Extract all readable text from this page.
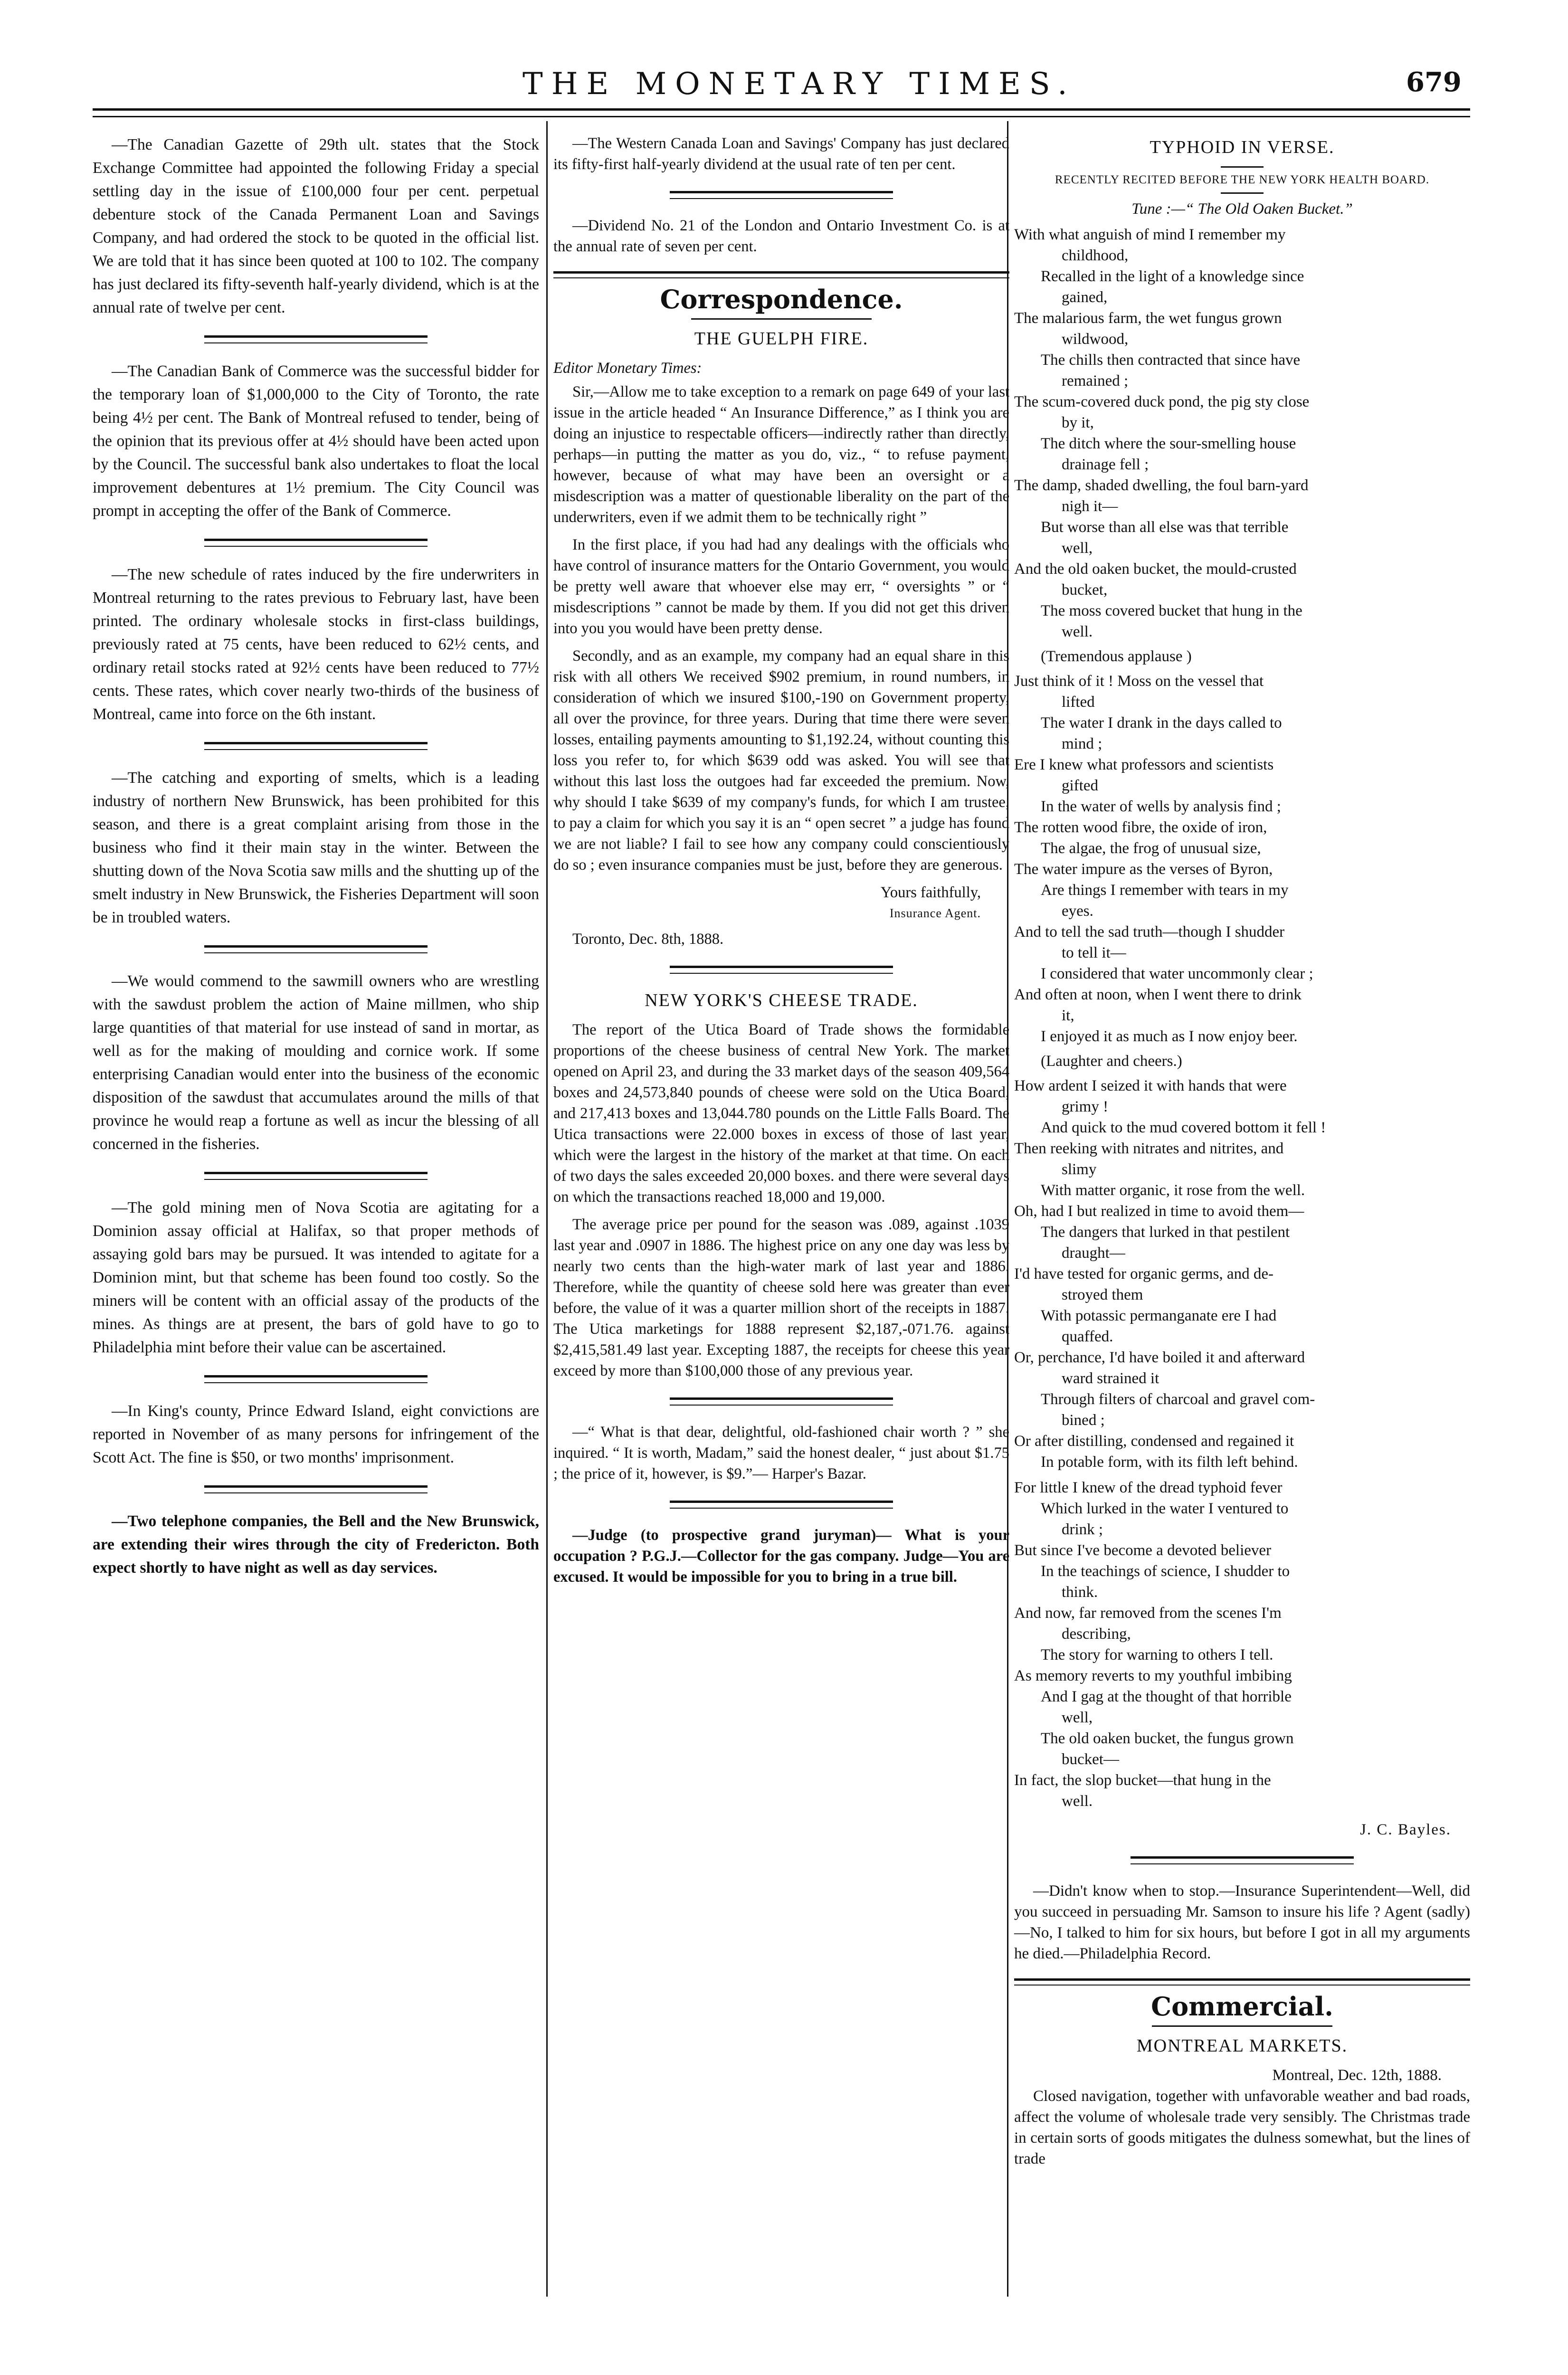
THE MONETARY TIMES.	679

—The Canadian Gazette of 29th ult. states that the Stock Exchange Committee had appointed the following Friday a special settling day in the issue of £100,000 four per cent. perpetual debenture stock of the Canada Permanent Loan and Savings Company, and had ordered the stock to be quoted in the official list. We are told that it has since been quoted at 100 to 102. The company has just declared its fifty-seventh half-yearly dividend, which is at the annual rate of twelve per cent.

—The Canadian Bank of Commerce was the successful bidder for the temporary loan of $1,000,000 to the City of Toronto, the rate being 4½ per cent. The Bank of Montreal refused to tender, being of the opinion that its previous offer at 4½ should have been acted upon by the Council. The successful bank also undertakes to float the local improvement debentures at 1½ premium. The City Council was prompt in accepting the offer of the Bank of Commerce.

—The new schedule of rates induced by the fire underwriters in Montreal returning to the rates previous to February last, have been printed. The ordinary wholesale stocks in first-class buildings, previously rated at 75 cents, have been reduced to 62½ cents, and ordinary retail stocks rated at 92½ cents have been reduced to 77½ cents. These rates, which cover nearly two-thirds of the business of Montreal, came into force on the 6th instant.

—The catching and exporting of smelts, which is a leading industry of northern New Brunswick, has been prohibited for this season, and there is a great complaint arising from those in the business who find it their main stay in the winter. Between the shutting down of the Nova Scotia saw mills and the shutting up of the smelt industry in New Brunswick, the Fisheries Department will soon be in troubled waters.

—We would commend to the sawmill owners who are wrestling with the sawdust problem the action of Maine millmen, who ship large quantities of that material for use instead of sand in mortar, as well as for the making of moulding and cornice work. If some enterprising Canadian would enter into the business of the economic disposition of the sawdust that accumulates around the mills of that province he would reap a fortune as well as incur the blessing of all concerned in the fisheries.

—The gold mining men of Nova Scotia are agitating for a Dominion assay official at Halifax, so that proper methods of assaying gold bars may be pursued. It was intended to agitate for a Dominion mint, but that scheme has been found too costly. So the miners will be content with an official assay of the products of the mines. As things are at present, the bars of gold have to go to Philadelphia mint before their value can be ascertained.

—In King's county, Prince Edward Island, eight convictions are reported in November of as many persons for infringement of the Scott Act. The fine is $50, or two months' imprisonment.

—Two telephone companies, the Bell and the New Brunswick, are extending their wires through the city of Fredericton. Both expect shortly to have night as well as day services.

—The Western Canada Loan and Savings' Company has just declared its fifty-first half-yearly dividend at the usual rate of ten per cent.

—Dividend No. 21 of the London and Ontario Investment Co. is at the annual rate of seven per cent.

Correspondence.
THE GUELPH FIRE.

Editor Monetary Times:

Sir,—Allow me to take exception to a remark on page 649 of your last issue in the article headed “ An Insurance Difference,” as I think you are doing an injustice to respectable officers—indirectly rather than directly, perhaps—in putting the matter as you do, viz., “ to refuse payment, however, because of what may have been an oversight or a misdescription was a matter of questionable liberality on the part of the underwriters, even if we admit them to be technically right ”

In the first place, if you had had any dealings with the officials who have control of insurance matters for the Ontario Government, you would be pretty well aware that whoever else may err, “ oversights ” or “ misdescriptions ” cannot be made by them. If you did not get this driven into you you would have been pretty dense.

Secondly, and as an example, my company had an equal share in this risk with all others We received $902 premium, in round numbers, in consideration of which we insured $100,-190 on Government property, all over the province, for three years. During that time there were seven losses, entailing payments amounting to $1,192.24, without counting this loss you refer to, for which $639 odd was asked. You will see that without this last loss the outgoes had far exceeded the premium. Now, why should I take $639 of my company's funds, for which I am trustee, to pay a claim for which you say it is an “ open secret ” a judge has found we are not liable? I fail to see how any company could conscientiously do so ; even insurance companies must be just, before they are generous.

Yours faithfully,

Insurance Agent.

Toronto, Dec. 8th, 1888.

NEW YORK'S CHEESE TRADE.

The report of the Utica Board of Trade shows the formidable proportions of the cheese business of central New York. The market opened on April 23, and during the 33 market days of the season 409,564 boxes and 24,573,840 pounds of cheese were sold on the Utica Board, and 217,413 boxes and 13,044.780 pounds on the Little Falls Board. The Utica transactions were 22.000 boxes in excess of those of last year, which were the largest in the history of the market at that time. On each of two days the sales exceeded 20,000 boxes. and there were several days on which the transactions reached 18,000 and 19,000.

The average price per pound for the season was .089, against .1039 last year and .0907 in 1886. The highest price on any one day was less by nearly two cents than the high-water mark of last year and 1886. Therefore, while the quantity of cheese sold here was greater than ever before, the value of it was a quarter million short of the receipts in 1887. The Utica marketings for 1888 represent $2,187,-071.76. against $2,415,581.49 last year. Excepting 1887, the receipts for cheese this year exceed by more than $100,000 those of any previous year.

—“ What is that dear, delightful, old-fashioned chair worth ? ” she inquired. “ It is worth, Madam,” said the honest dealer, “ just about $1.75 ; the price of it, however, is $9.”— Harper's Bazar.

—Judge (to prospective grand juryman)— What is your occupation ? P.G.J.—Collector for the gas company. Judge—You are excused. It would be impossible for you to bring in a true bill.

TYPHOID IN VERSE.
RECENTLY RECITED BEFORE THE NEW YORK HEALTH BOARD.

Tune :—“ The Old Oaken Bucket.”

With what anguish of mind I remember my

childhood,

Recalled in the light of a knowledge since

gained,

The malarious farm, the wet fungus grown

wildwood,

The chills then contracted that since have

remained ;

The scum-covered duck pond, the pig sty close

by it,

The ditch where the sour-smelling house

drainage fell ;

The damp, shaded dwelling, the foul barn-yard

nigh it—

But worse than all else was that terrible

well,

And the old oaken bucket, the mould-crusted

bucket,

The moss covered bucket that hung in the

well.

(Tremendous applause )

Just think of it ! Moss on the vessel that

lifted

The water I drank in the days called to

mind ;

Ere I knew what professors and scientists

gifted

In the water of wells by analysis find ;

The rotten wood fibre, the oxide of iron,

The algae, the frog of unusual size,

The water impure as the verses of Byron,

Are things I remember with tears in my

eyes.

And to tell the sad truth—though I shudder

to tell it—

I considered that water uncommonly clear ;

And often at noon, when I went there to drink

it,

I enjoyed it as much as I now enjoy beer.

(Laughter and cheers.)

How ardent I seized it with hands that were

grimy !

And quick to the mud covered bottom it fell !

Then reeking with nitrates and nitrites, and

slimy

With matter organic, it rose from the well.

Oh, had I but realized in time to avoid them—

The dangers that lurked in that pestilent

draught—

I'd have tested for organic germs, and de-

stroyed them

With potassic permanganate ere I had

quaffed.

Or, perchance, I'd have boiled it and afterward

ward strained it

Through filters of charcoal and gravel com-

bined ;

Or after distilling, condensed and regained it

In potable form, with its filth left behind.

For little I knew of the dread typhoid fever

Which lurked in the water I ventured to

drink ;

But since I've become a devoted believer

In the teachings of science, I shudder to

think.

And now, far removed from the scenes I'm

describing,

The story for warning to others I tell.

As memory reverts to my youthful imbibing

And I gag at the thought of that horrible

well,

The old oaken bucket, the fungus grown

bucket—

In fact, the slop bucket—that hung in the

well.

J. C. Bayles.

—Didn't know when to stop.—Insurance Superintendent—Well, did you succeed in persuading Mr. Samson to insure his life ? Agent (sadly)—No, I talked to him for six hours, but before I got in all my arguments he died.—Philadelphia Record.

Commercial.
MONTREAL MARKETS.

Montreal, Dec. 12th, 1888.

Closed navigation, together with unfavorable weather and bad roads, affect the volume of wholesale trade very sensibly. The Christmas trade in certain sorts of goods mitigates the dulness somewhat, but the lines of trade
